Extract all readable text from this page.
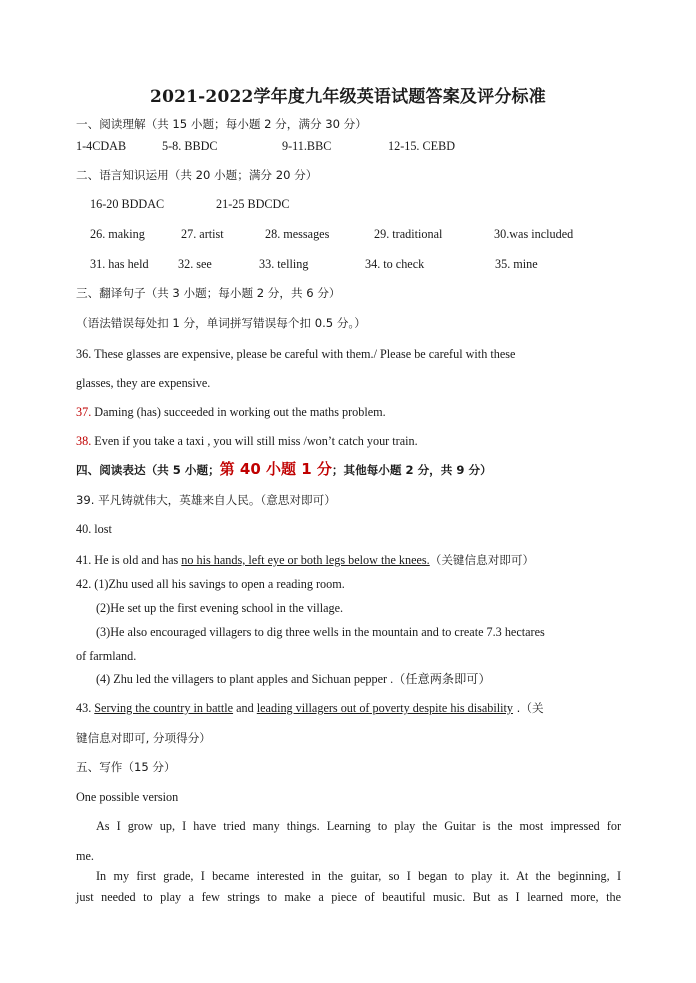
2021-2022学年度九年级英语试题答案及评分标准
一、阅读理解（共 15 小题；每小题 2 分，满分 30 分）
1-4CDAB	5-8. BBDC	9-11.BBC	12-15. CEBD
二、语言知识运用（共 20 小题；满分 20 分）
16-20 BDDAC	21-25 BDCDC
26. making	27. artist	28. messages	29. traditional	30.was included
31. has held 32. see	33. telling	34. to check	35. mine
三、翻译句子（共 3 小题；每小题 2 分，共 6 分）
（语法错误每处扣 1 分，单词拼写错误每个扣 0.5 分。）
36. These glasses are expensive, please be careful with them./ Please be careful with these
glasses, they are expensive.
37. Daming (has) succeeded in working out the maths problem.
38. Even if you take a taxi , you will still miss /won’t catch your train.
四、阅读表达（共 5 小题；第 40 小题 1 分；其他每小题 2 分，共 9 分）
39. 平凡铸就伟大，英雄来自人民。（意思对即可）
40. lost
41. He is old and has no his hands, left eye or both legs below the knees.（关键信息对即可）
42. (1)Zhu used all his savings to open a reading room.
(2)He set up the first evening school in the village.
(3)He also encouraged villagers to dig three wells in the mountain and to create 7.3 hectares
of farmland.
(4) Zhu led the villagers to plant apples and Sichuan pepper .（任意两条即可）
43. Serving the country in battle and leading villagers out of poverty despite his disability .（关
键信息对即可, 分项得分）
五、写作（15 分）
One possible version
As I grow up, I have tried many things. Learning to play the Guitar is the most impressed for
me.
In my first grade, I became interested in the guitar, so I began to play it. At the beginning, I
just needed to play a few strings to make a piece of beautiful music. But as I learned more, the
